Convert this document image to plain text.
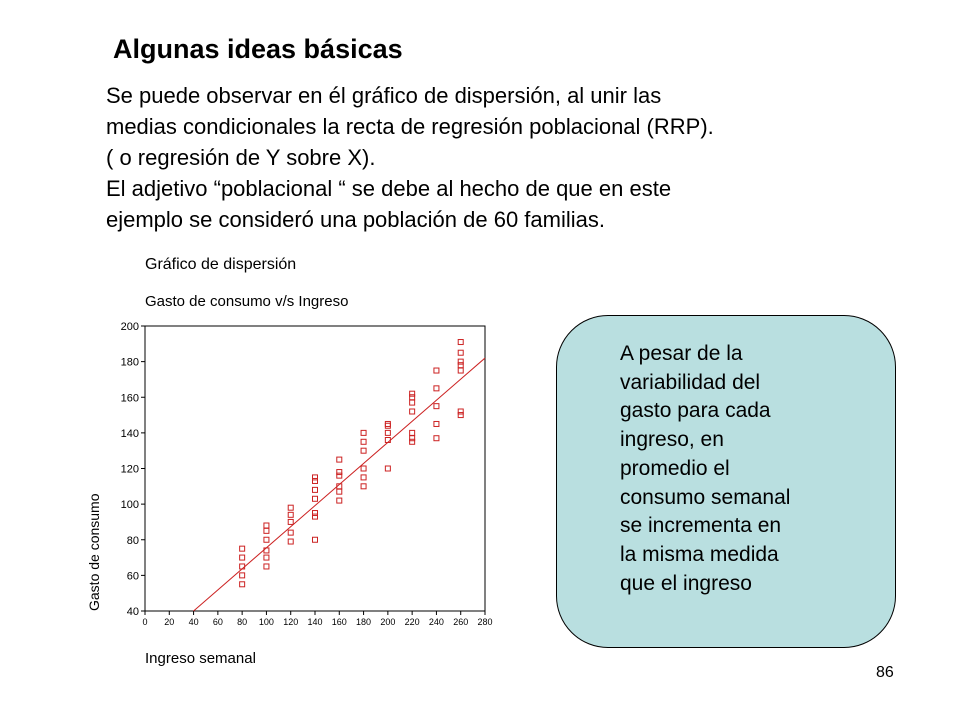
Algunas ideas básicas
Se puede observar en él gráfico de dispersión, al unir las
medias condicionales la recta de regresión poblacional (RRP).
( o regresión de Y sobre X).
El adjetivo “poblacional “ se debe al hecho de que en este
ejemplo se consideró una población de 60 familias.
Gráfico de dispersión
Gasto de consumo v/s Ingreso
0 20 40 60 80 100 120 140 160 180 200 220 240 260 280
40
60
80
100
120
140
160
180
200
Gasto de consumo
Ingreso semanal
A pesar de la
variabilidad del
gasto para cada
ingreso, en
promedio el
consumo semanal
se incrementa en
la misma medida
que el ingreso
86
